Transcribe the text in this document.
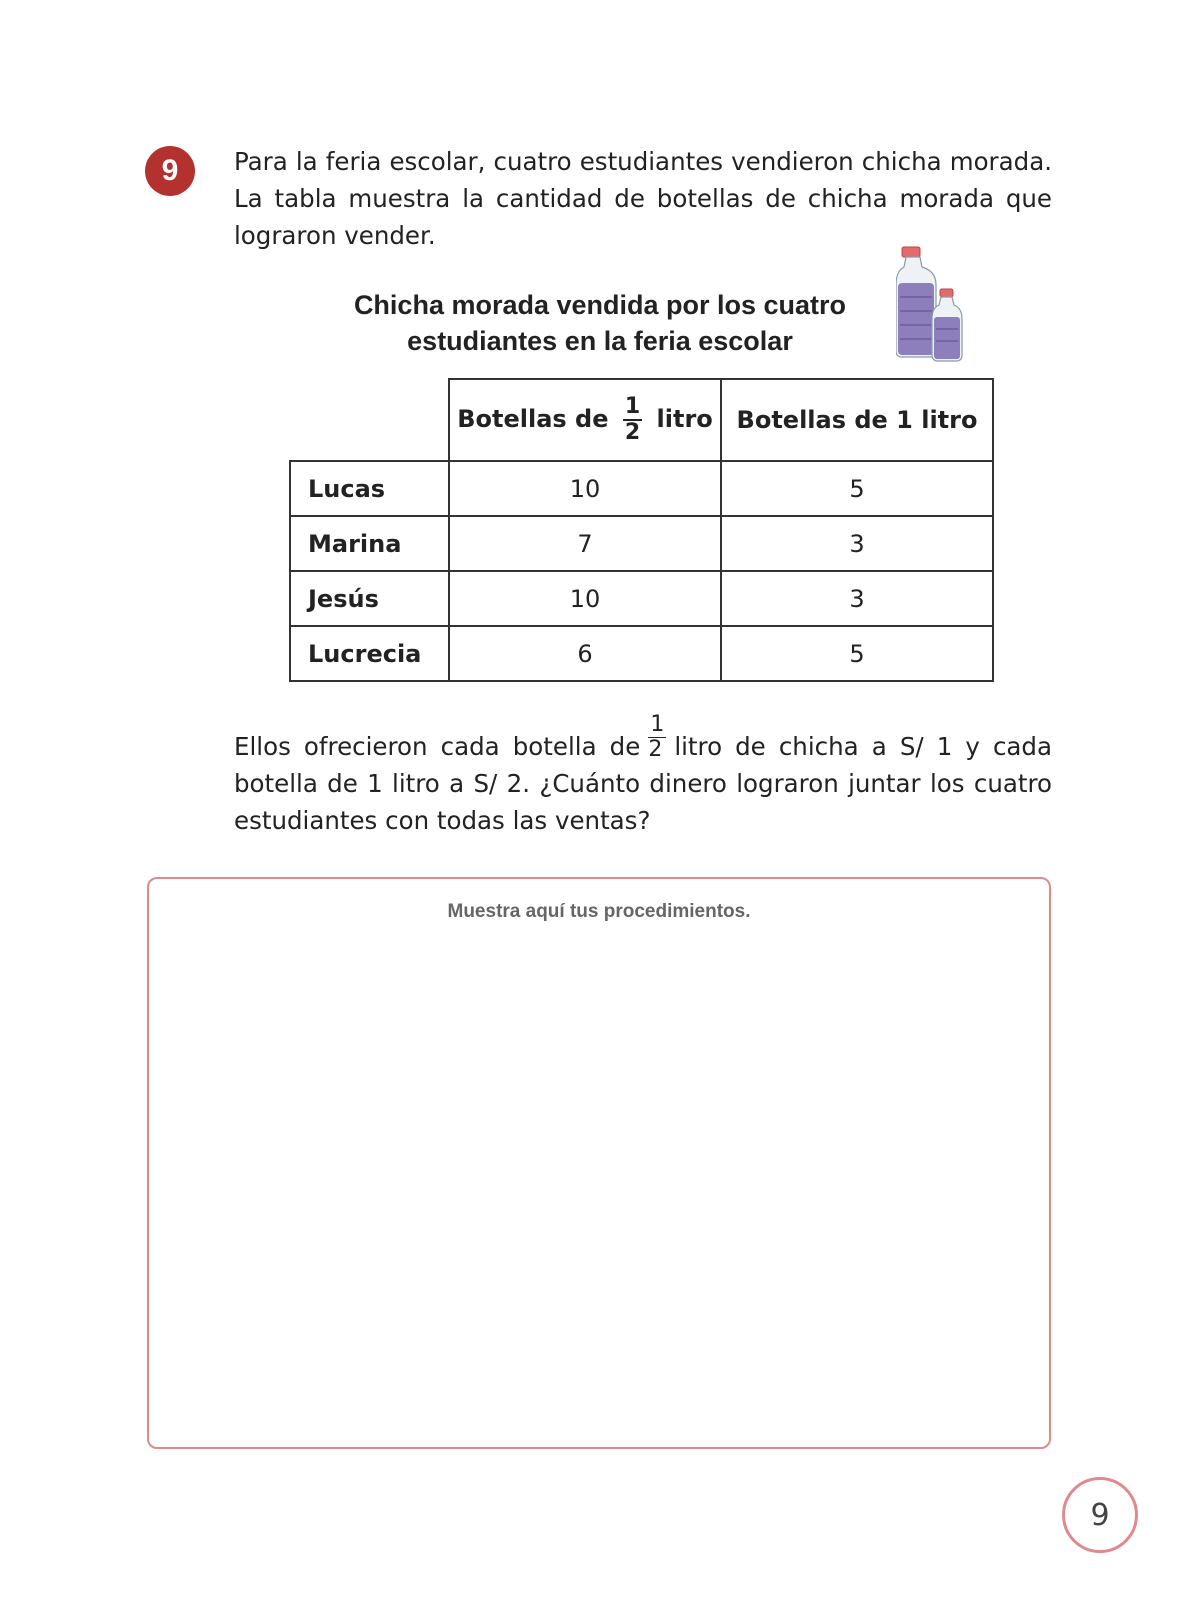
9	Para la feria escolar, cuatro estudiantes vendieron chicha morada. La tabla muestra la cantidad de botellas de chicha morada que lograron vender.

Chicha morada vendida por los cuatro
estudiantes en la feria escolar
	Botellas de $\frac{1}{2}$ litro	Botellas de 1 litro
Lucas	10	5
Marina	7	3
Jesús	10	3
Lucrecia	6	5

Ellos ofrecieron cada botella de $\frac{1}{2}$ litro de chicha a S/ 1 y cada botella de 1 litro a S/ 2. ¿Cuánto dinero lograron juntar los cuatro estudiantes con todas las ventas?

Muestra aquí tus procedimientos.
9
